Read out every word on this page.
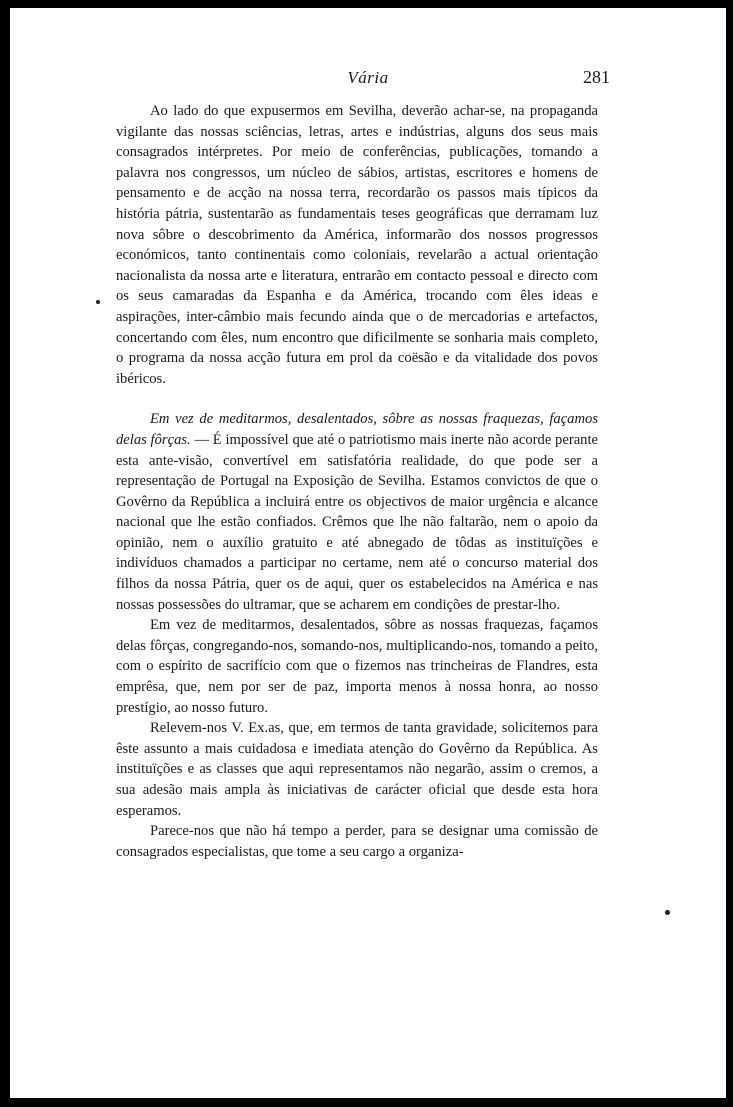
Vária	281

Ao lado do que expusermos em Sevilha, deverão achar-se, na propaganda vigilante das nossas sciências, letras, artes e indústrias, alguns dos seus mais consagrados intérpretes. Por meio de conferências, publicações, tomando a palavra nos congressos, um núcleo de sábios, artistas, escritores e homens de pensamento e de acção na nossa terra, recordarão os passos mais típicos da história pátria, sustentarão as fundamentais teses geográficas que derramam luz nova sôbre o descobrimento da América, informarão dos nossos progressos económicos, tanto continentais como coloniais, revelarão a actual orientação nacionalista da nossa arte e literatura, entrarão em contacto pessoal e directo com os seus camaradas da Espanha e da América, trocando com êles ideas e aspirações, inter-câmbio mais fecundo ainda que o de mercadorias e artefactos, concertando com êles, num encontro que dificilmente se sonharia mais completo, o programa da nossa acção futura em prol da coësão e da vitalidade dos povos ibéricos.

Em vez de meditarmos, desalentados, sôbre as nossas fraquezas, façamos delas fôrças. — É impossível que até o patriotismo mais inerte não acorde perante esta ante-visão, convertível em satisfatória realidade, do que pode ser a representação de Portugal na Exposição de Sevilha. Estamos convictos de que o Govêrno da República a incluirá entre os objectivos de maior urgência e alcance nacional que lhe estão confiados. Crêmos que lhe não faltarão, nem o apoio da opinião, nem o auxílio gratuito e até abnegado de tôdas as instituïções e indivíduos chamados a participar no certame, nem até o concurso material dos filhos da nossa Pátria, quer os de aqui, quer os estabelecidos na América e nas nossas possessões do ultramar, que se acharem em condições de prestar-lho.

Em vez de meditarmos, desalentados, sôbre as nossas fraquezas, façamos delas fôrças, congregando-nos, somando-nos, multiplicando-nos, tomando a peito, com o espírito de sacrifício com que o fizemos nas trincheiras de Flandres, esta emprêsa, que, nem por ser de paz, importa menos à nossa honra, ao nosso prestígio, ao nosso futuro.

Relevem-nos V. Ex.as, que, em termos de tanta gravidade, solicitemos para êste assunto a mais cuidadosa e imediata atenção do Govêrno da República. As instituïções e as classes que aqui representamos não negarão, assim o cremos, a sua adesão mais ampla às iniciativas de carácter oficial que desde esta hora esperamos.

Parece-nos que não há tempo a perder, para se designar uma comissão de consagrados especialistas, que tome a seu cargo a organiza-
